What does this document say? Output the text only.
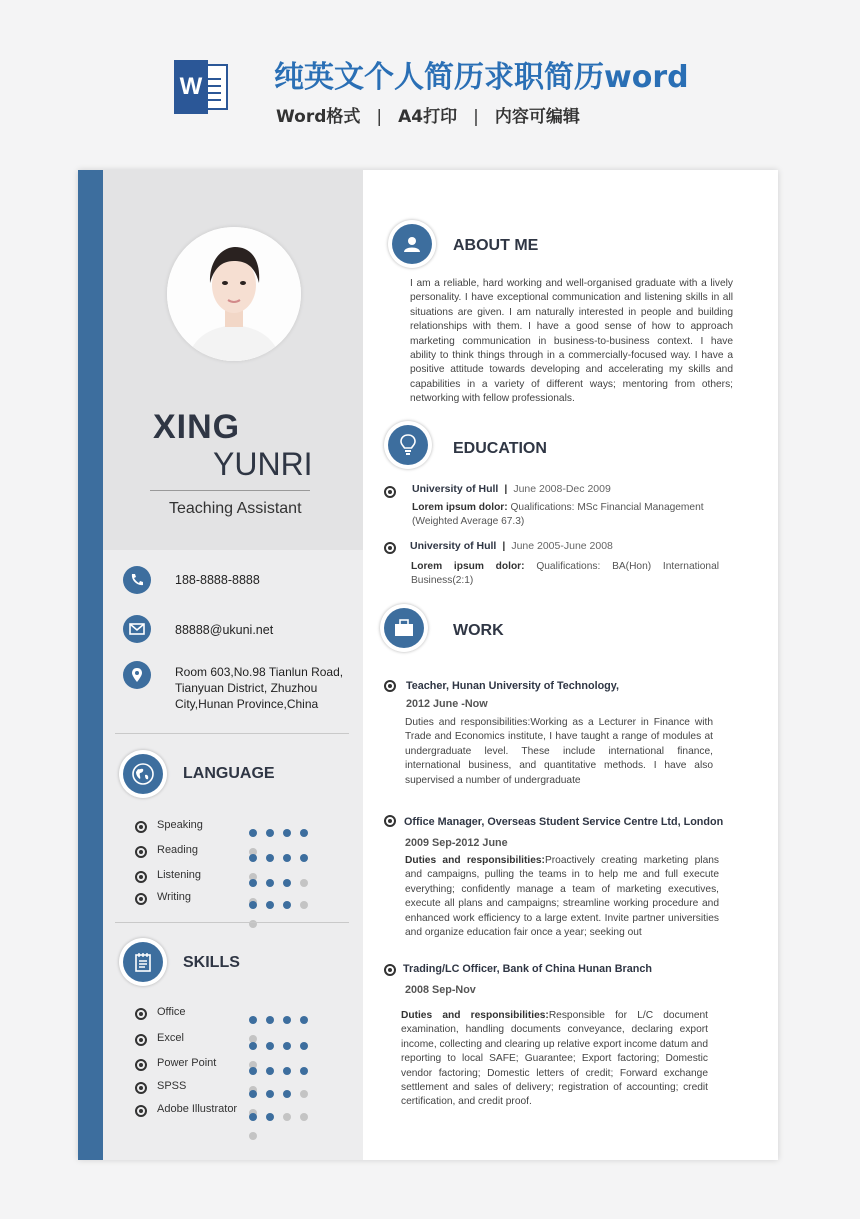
W 纯英文个人简历求职简历word
Word格式 | A4打印 | 内容可编辑
XING
YUNRI
Teaching Assistant
188-8888-8888
88888@ukuni.net
Room 603,No.98 Tianlun Road,
Tianyuan District, Zhuzhou
City,Hunan Province,China
LANGUAGE
Speaking
Reading
Listening
Writing
SKILLS
Office
Excel
Power Point
SPSS
Adobe Illustrator
ABOUT ME
I am a reliable, hard working and well-organised graduate with a lively personality. I have exceptional communication and listening skills in all situations are given. I am naturally interested in people and building relationships with them. I have a good sense of how to approach marketing communication in business-to-business context. I have ability to think things through in a commercially-focused way. I have a positive attitude towards developing and accelerating my skills and capabilities in a variety of different ways; mentoring from others; networking with fellow professionals.
EDUCATION
University of Hull | June 2008-Dec 2009
Lorem ipsum dolor: Qualifications: MSc Financial Management (Weighted Average 67.3)
University of Hull | June 2005-June 2008
Lorem ipsum dolor: Qualifications: BA(Hon) International Business(2:1)
WORK
Teacher, Hunan University of Technology,
2012 June -Now
Duties and responsibilities:Working as a Lecturer in Finance with Trade and Economics institute, I have taught a range of modules at undergraduate level. These include international finance, international business, and quantitative methods. I have also supervised a number of undergraduate
Office Manager, Overseas Student Service Centre Ltd, London
2009 Sep-2012 June
Duties and responsibilities:Proactively creating marketing plans and campaigns, pulling the teams in to help me and full execute everything; confidently manage a team of marketing executives, execute all plans and campaigns; streamline working procedure and enhanced work efficiency to a large extent. Invite partner universities and organize education fair once a year; seeking out
Trading/LC Officer, Bank of China Hunan Branch
2008 Sep-Nov
Duties and responsibilities:Responsible for L/C document examination, handling documents conveyance, declaring export income, collecting and clearing up relative export income datum and reporting to local SAFE; Guarantee; Export factoring; Domestic vendor factoring; Domestic letters of credit; Forward exchange settlement and sales of delivery; registration of accounting; credit certification, and credit proof.
